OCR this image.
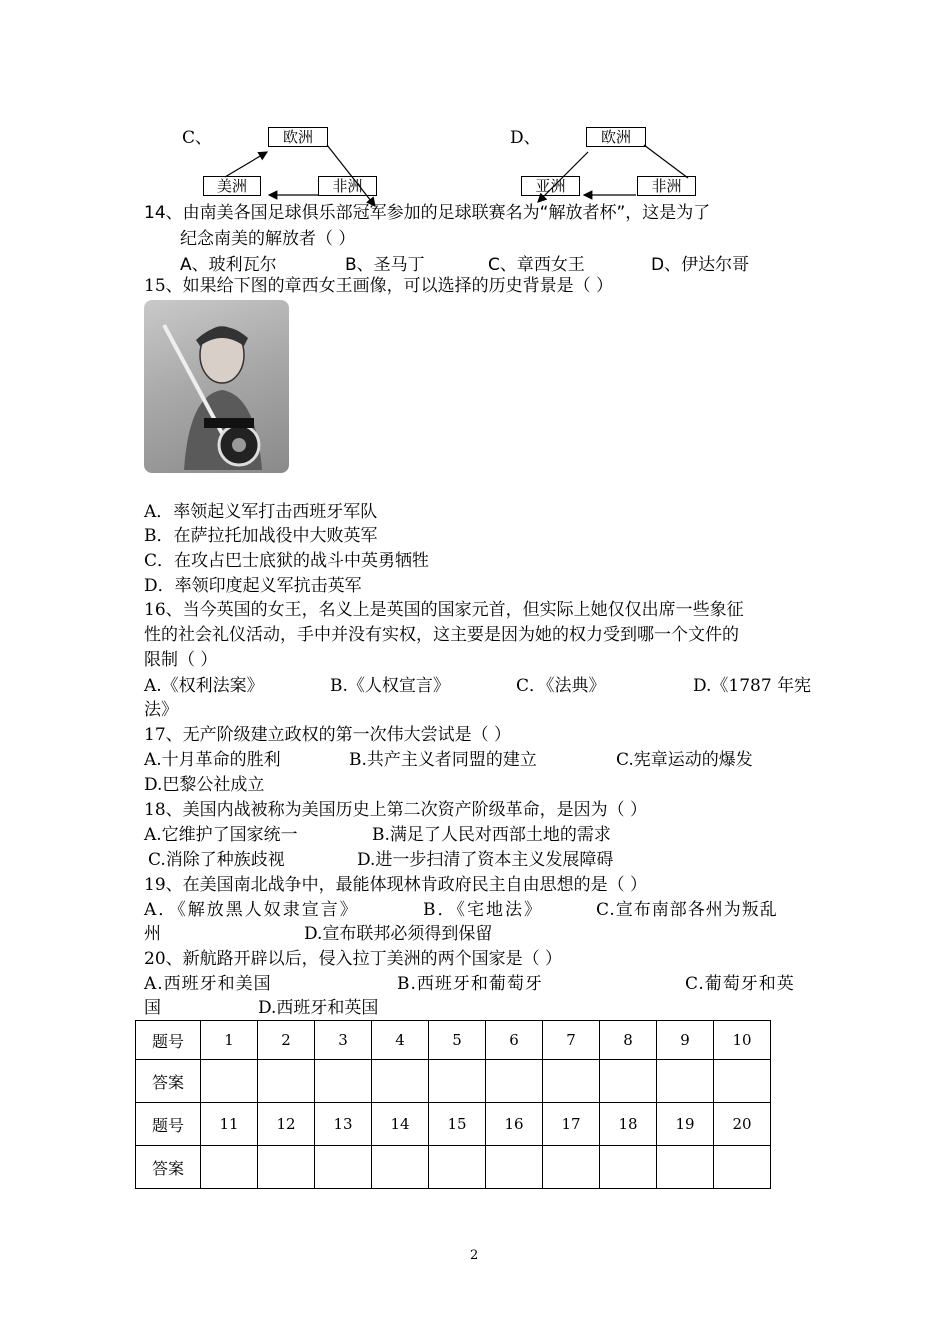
C、	欧洲
美洲	非洲
D、	欧洲
亚洲	非洲
14、由南美各国足球俱乐部冠军参加的足球联赛名为“解放者杯”，这是为了
纪念南美的解放者（ ）
A、玻利瓦尔	B、圣马丁	C、章西女王	D、伊达尔哥
15、如果给下图的章西女王画像，可以选择的历史背景是（ ）
A．率领起义军打击西班牙军队
B．在萨拉托加战役中大败英军
C．在攻占巴士底狱的战斗中英勇牺牲
D．率领印度起义军抗击英军
16、当今英国的女王，名义上是英国的国家元首，但实际上她仅仅出席一些象征
性的社会礼仪活动，手中并没有实权，这主要是因为她的权力受到哪一个文件的
限制（ ）
A.《权利法案》	B.《人权宣言》	C．《法典》	D.《1787 年宪
法》
17、无产阶级建立政权的第一次伟大尝试是（ ）
A.十月革命的胜利	B.共产主义者同盟的建立	C.宪章运动的爆发
D.巴黎公社成立
18、美国内战被称为美国历史上第二次资产阶级革命，是因为（ ）
A.它维护了国家统一	B.满足了人民对西部土地的需求
C.消除了种族歧视	D.进一步扫清了资本主义发展障碍
19、在美国南北战争中，最能体现林肯政府民主自由思想的是（ ）
A．《解放黑人奴隶宣言》	B．《宅地法》	C.宣布南部各州为叛乱
州	D.宣布联邦必须得到保留
20、新航路开辟以后，侵入拉丁美洲的两个国家是（ ）
A.西班牙和美国	B.西班牙和葡萄牙	C.葡萄牙和英
国	D.西班牙和英国
题号	1	2	3	4	5	6	7	8	9	10
答案										
题号	11	12	13	14	15	16	17	18	19	20
答案										
2
